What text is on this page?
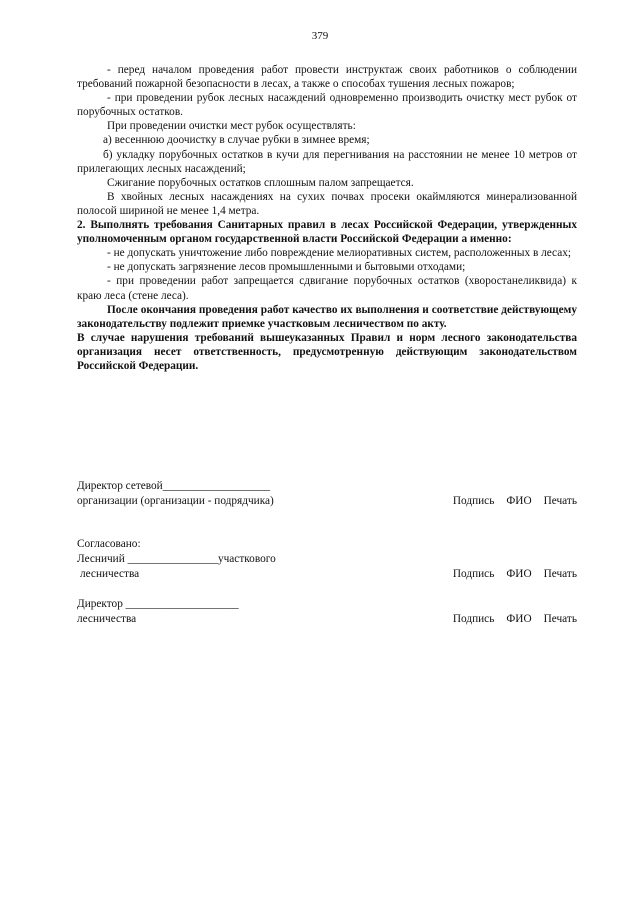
379

- перед началом проведения работ провести инструктаж своих работников о соблюдении требований пожарной безопасности в лесах, а также о способах тушения лесных пожаров;

- при проведении рубок лесных насаждений одновременно производить очистку мест рубок от порубочных остатков.

При проведении очистки мест рубок осуществлять:

а) весеннюю доочистку в случае рубки в зимнее время;

б) укладку порубочных остатков в кучи для перегнивания на расстоянии не менее 10 метров от прилегающих лесных насаждений;

Сжигание порубочных остатков сплошным палом запрещается.

В хвойных лесных насаждениях на сухих почвах просеки окаймляются минерализованной полосой шириной не менее 1,4 метра.

2. Выполнять требования Санитарных правил в лесах Российской Федерации, утвержденных уполномоченным органом государственной власти Российской Федерации а именно:

- не допускать уничтожение либо повреждение мелиоративных систем, расположенных в лесах;

- не допускать загрязнение лесов промышленными и бытовыми отходами;

- при проведении работ запрещается сдвигание порубочных остатков (хворостанеликвида) к краю леса (стене леса).

После окончания проведения работ качество их выполнения и соответствие действующему законодательству подлежит приемке участковым лесничеством по акту.

В случае нарушения требований вышеуказанных Правил и норм лесного законодательства организация несет ответственность, предусмотренную действующим законодательством Российской Федерации.

Директор сетевой___________________
организации (организации - подрядчика)	Подпись ФИО Печать
Согласовано:
Лесничий ________________участкового
лесничества	Подпись ФИО Печать
Директор ____________________
лесничества	Подпись ФИО Печать
